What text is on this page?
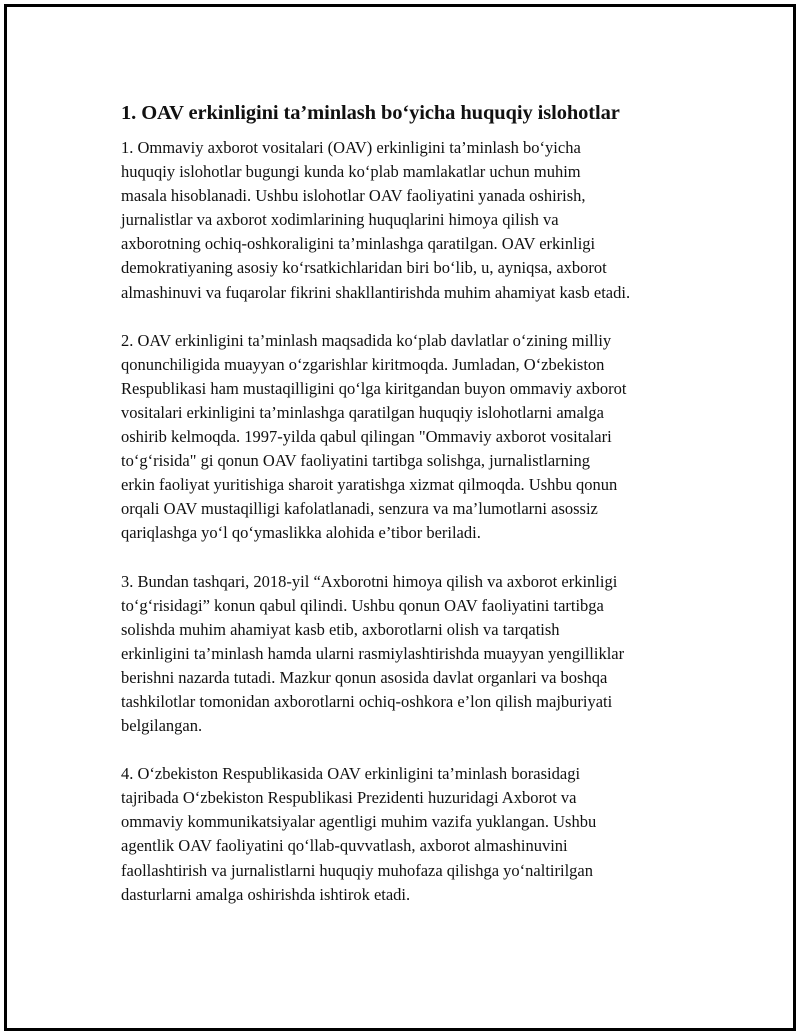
1. OAV erkinligini ta’minlash bo‘yicha huquqiy islohotlar

1. Ommaviy axborot vositalari (OAV) erkinligini ta’minlash bo‘yicha
huquqiy islohotlar bugungi kunda ko‘plab mamlakatlar uchun muhim
masala hisoblanadi. Ushbu islohotlar OAV faoliyatini yanada oshirish,
jurnalistlar va axborot xodimlarining huquqlarini himoya qilish va
axborotning ochiq-oshkoraligini ta’minlashga qaratilgan. OAV erkinligi
demokratiyaning asosiy ko‘rsatkichlaridan biri bo‘lib, u, ayniqsa, axborot
almashinuvi va fuqarolar fikrini shakllantirishda muhim ahamiyat kasb etadi.

2. OAV erkinligini ta’minlash maqsadida ko‘plab davlatlar o‘zining milliy
qonunchiligida muayyan o‘zgarishlar kiritmoqda. Jumladan, O‘zbekiston
Respublikasi ham mustaqilligini qo‘lga kiritgandan buyon ommaviy axborot
vositalari erkinligini ta’minlashga qaratilgan huquqiy islohotlarni amalga
oshirib kelmoqda. 1997-yilda qabul qilingan "Ommaviy axborot vositalari
to‘g‘risida" gi qonun OAV faoliyatini tartibga solishga, jurnalistlarning
erkin faoliyat yuritishiga sharoit yaratishga xizmat qilmoqda. Ushbu qonun
orqali OAV mustaqilligi kafolatlanadi, senzura va ma’lumotlarni asossiz
qariqlashga yo‘l qo‘ymaslikka alohida e’tibor beriladi.

3. Bundan tashqari, 2018-yil “Axborotni himoya qilish va axborot erkinligi
to‘g‘risidagi” konun qabul qilindi. Ushbu qonun OAV faoliyatini tartibga
solishda muhim ahamiyat kasb etib, axborotlarni olish va tarqatish
erkinligini ta’minlash hamda ularni rasmiylashtirishda muayyan yengilliklar
berishni nazarda tutadi. Mazkur qonun asosida davlat organlari va boshqa
tashkilotlar tomonidan axborotlarni ochiq-oshkora e’lon qilish majburiyati
belgilangan.

4. O‘zbekiston Respublikasida OAV erkinligini ta’minlash borasidagi
tajribada O‘zbekiston Respublikasi Prezidenti huzuridagi Axborot va
ommaviy kommunikatsiyalar agentligi muhim vazifa yuklangan. Ushbu
agentlik OAV faoliyatini qo‘llab-quvvatlash, axborot almashinuvini
faollashtirish va jurnalistlarni huquqiy muhofaza qilishga yo‘naltirilgan
dasturlarni amalga oshirishda ishtirok etadi.
